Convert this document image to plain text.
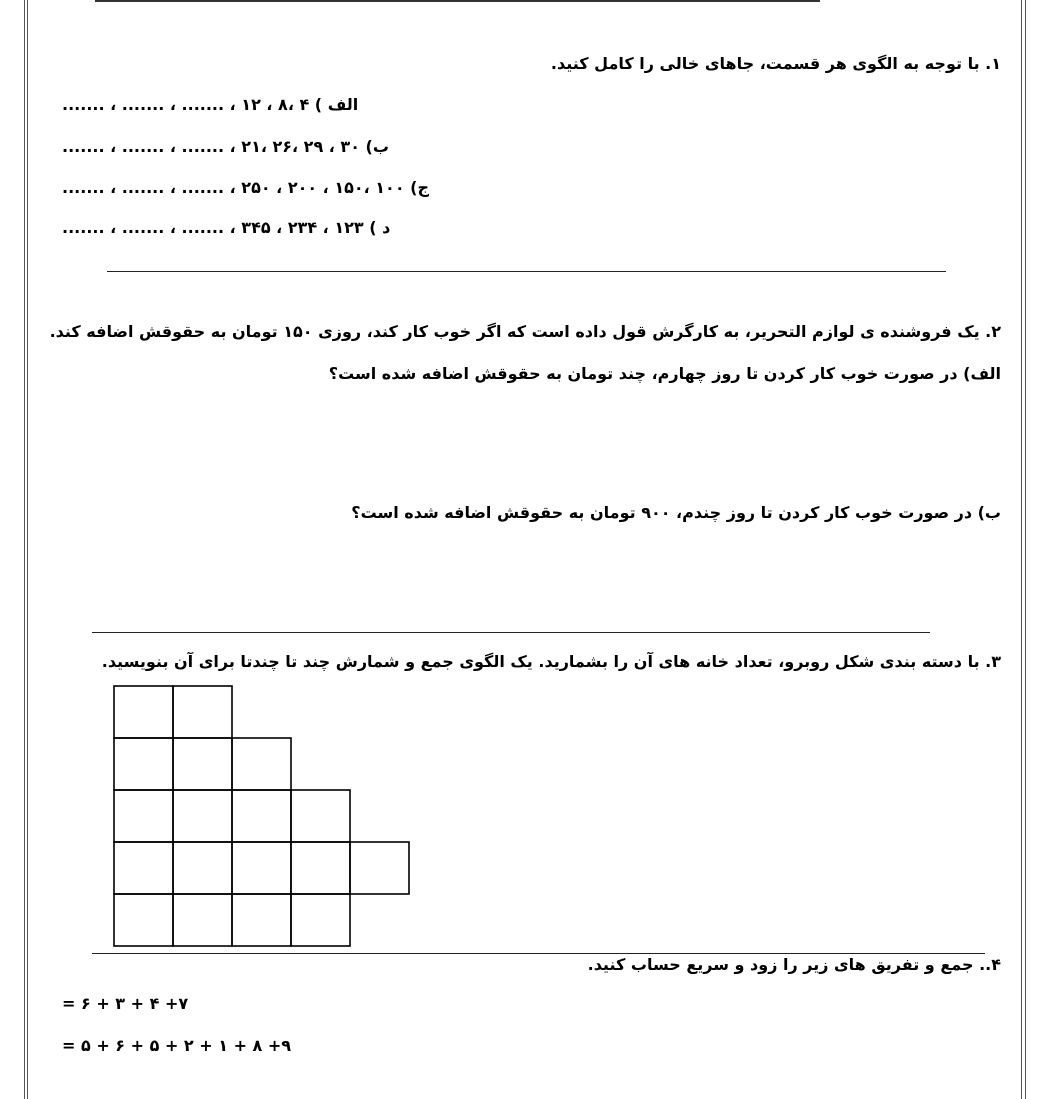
۱. با توجه به الگوی هر قسمت، جاهای خالی را کامل کنید.
الف ) ۴ ،۸ ، ۱۲ ، ....... ، ....... ، .......
ب) ۳۰ ، ۲۹ ،۲۶ ،۲۱ ، ....... ، ....... ، .......
ج) ۱۰۰ ،۱۵۰ ، ۲۰۰ ، ۲۵۰ ، ....... ، ....... ، .......
د ) ۱۲۳ ، ۲۳۴ ، ۳۴۵ ، ....... ، ....... ، .......
۲. یک فروشنده ی لوازم التحریر، به کارگرش قول داده است که اگر خوب کار کند، روزی ۱۵۰ تومان به حقوقش اضافه کند.
الف) در صورت خوب کار کردن تا روز چهارم، چند تومان به حقوقش اضافه شده است؟
ب) در صورت خوب کار کردن تا روز چندم، ۹۰۰ تومان به حقوقش اضافه شده است؟
۳. با دسته بندی شکل روبرو، تعداد خانه های آن را بشمارید. یک الگوی جمع و شمارش چند تا چندتا برای آن بنویسید.
۴.. جمع و تفریق های زیر را زود و سریع حساب کنید.
= ۶ + ۳ + ۴ +۷
= ۵ + ۶ + ۵ + ۲ + ۱ + ۸ +۹
